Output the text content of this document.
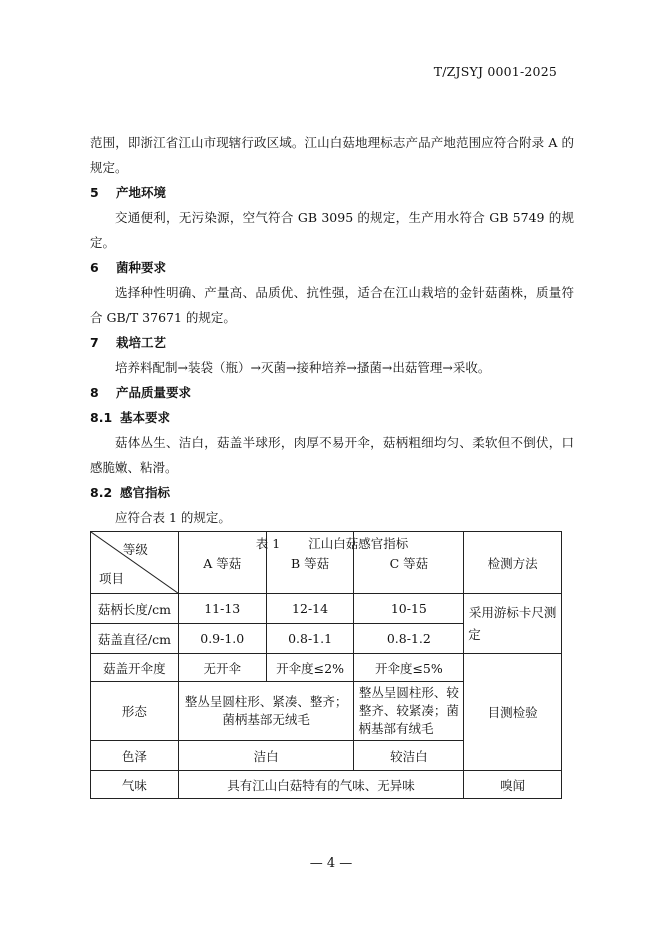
T/ZJSYJ 0001-2025

范围，即浙江省江山市现辖行政区域。江山白菇地理标志产品产地范围应符合附录 A 的规定。

5 产地环境

交通便利，无污染源，空气符合 GB 3095 的规定，生产用水符合 GB 5749 的规定。

6 菌种要求

选择种性明确、产量高、品质优、抗性强，适合在江山栽培的金针菇菌株，质量符合 GB/T 37671 的规定。

7 栽培工艺

培养料配制→装袋（瓶）→灭菌→接种培养→搔菌→出菇管理→采收。

8 产品质量要求

8.1 基本要求

菇体丛生、洁白，菇盖半球形，肉厚不易开伞，菇柄粗细均匀、柔软但不倒伏，口感脆嫩、粘滑。

8.2 感官指标

应符合表 1 的规定。

表 1 江山白菇感官指标
等级
项目	A 等菇	B 等菇	C 等菇	检测方法
菇柄长度/cm	11-13	12-14	10-15	采用游标卡尺测定
菇盖直径/cm	0.9-1.0	0.8-1.1	0.8-1.2	
菇盖开伞度	无开伞	开伞度≤2%	开伞度≤5%	目测检验
形态	整丛呈圆柱形、紧凑、整齐；菌柄基部无绒毛		整丛呈圆柱形、较整齐、较紧凑；菌柄基部有绒毛	
色泽	洁白		较洁白	
气味	具有江山白菇特有的气味、无异味			嗅闻
— 4 —
